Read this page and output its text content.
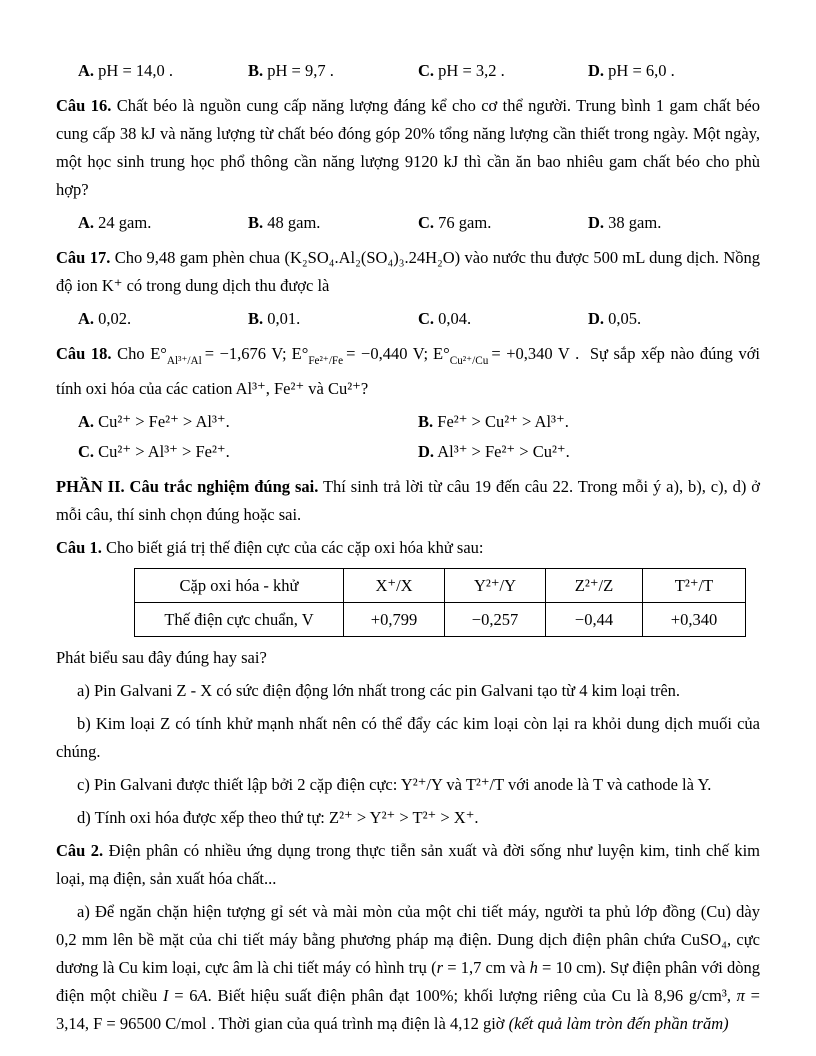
A. pH = 14,0 .	B. pH = 9,7 .	C. pH = 3,2 .	D. pH = 6,0 .

Câu 16. Chất béo là nguồn cung cấp năng lượng đáng kể cho cơ thể người. Trung bình 1 gam chất béo cung cấp 38 kJ và năng lượng từ chất béo đóng góp 20% tổng năng lượng cần thiết trong ngày. Một ngày, một học sinh trung học phổ thông cần năng lượng 9120 kJ thì cần ăn bao nhiêu gam chất béo cho phù hợp?

A. 24 gam.	B. 48 gam.	C. 76 gam.	D. 38 gam.

Câu 17. Cho 9,48 gam phèn chua (K₂SO₄.Al₂(SO₄)₃.24H₂O) vào nước thu được 500 mL dung dịch. Nồng độ ion K⁺ có trong dung dịch thu được là

A. 0,02.	B. 0,01.	C. 0,04.	D. 0,05.

Câu 18. Cho $E^\circ_{Al^{3+}/Al} = -1,676$ V; $E^\circ_{Fe^{2+}/Fe} = -0,440$ V; $E^\circ_{Cu^{2+}/Cu} = +0,340$ V . Sự sắp xếp nào đúng với tính oxi hóa của các cation Al³⁺, Fe²⁺ và Cu²⁺?

A. Cu²⁺ > Fe²⁺ > Al³⁺.	B. Fe²⁺ > Cu²⁺ > Al³⁺.
C. Cu²⁺ > Al³⁺ > Fe²⁺.	D. Al³⁺ > Fe²⁺ > Cu²⁺.

PHẦN II. Câu trắc nghiệm đúng sai. Thí sinh trả lời từ câu 19 đến câu 22. Trong mỗi ý a), b), c), d) ở mỗi câu, thí sinh chọn đúng hoặc sai.

Câu 1. Cho biết giá trị thế điện cực của các cặp oxi hóa khử sau:

Cặp oxi hóa - khử	X⁺/X	Y²⁺/Y	Z²⁺/Z	T²⁺/T
Thế điện cực chuẩn, V	+0,799	−0,257	−0,44	+0,340

Phát biểu sau đây đúng hay sai?

a) Pin Galvani Z - X có sức điện động lớn nhất trong các pin Galvani tạo từ 4 kim loại trên.

b) Kim loại Z có tính khử mạnh nhất nên có thể đẩy các kim loại còn lại ra khỏi dung dịch muối của chúng.

c) Pin Galvani được thiết lập bởi 2 cặp điện cực: Y²⁺/Y và T²⁺/T với anode là T và cathode là Y.

d) Tính oxi hóa được xếp theo thứ tự: Z²⁺ > Y²⁺ > T²⁺ > X⁺.

Câu 2. Điện phân có nhiều ứng dụng trong thực tiễn sản xuất và đời sống như luyện kim, tinh chế kim loại, mạ điện, sản xuất hóa chất...

a) Để ngăn chặn hiện tượng gỉ sét và mài mòn của một chi tiết máy, người ta phủ lớp đồng (Cu) dày 0,2 mm lên bề mặt của chi tiết máy bằng phương pháp mạ điện. Dung dịch điện phân chứa CuSO₄, cực dương là Cu kim loại, cực âm là chi tiết máy có hình trụ (r = 1,7 cm và h = 10 cm). Sự điện phân với dòng điện một chiều I = 6A. Biết hiệu suất điện phân đạt 100%; khối lượng riêng của Cu là 8,96 g/cm³, π = 3,14, F = 96500 C/mol . Thời gian của quá trình mạ điện là 4,12 giờ (kết quả làm tròn đến phần trăm)
